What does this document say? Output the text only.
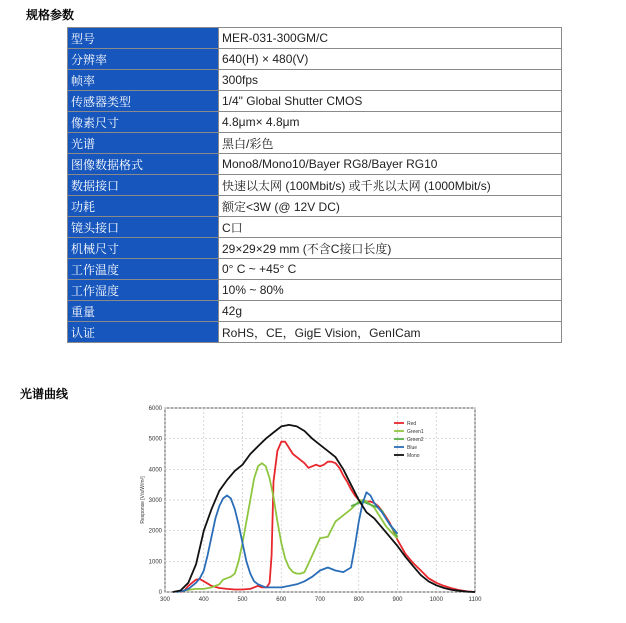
规格参数
型号	MER-031-300GM/C
分辨率	640(H) × 480(V)
帧率	300fps
传感器类型	1/4" Global Shutter CMOS
像素尺寸	4.8μm× 4.8μm
光谱	黑白/彩色
图像数据格式	Mono8/Mono10/Bayer RG8/Bayer RG10
数据接口	快速以太网 (100Mbit/s) 或千兆以太网 (1000Mbit/s)
功耗	额定<3W (@ 12V DC)
镜头接口	C口
机械尺寸	29×29×29 mm (不含C接口长度)
工作温度	0° C ~ +45° C
工作湿度	10% ~ 80%
重量	42g
认证	RoHS，CE，GigE Vision，GenICam
光谱曲线
300	400	500	600	700	800	900	1000	1100
0
1000
2000
3000
4000
5000
6000
Response [V/s/W/m²]
Red
Green1
Green2
Blue
Mono
